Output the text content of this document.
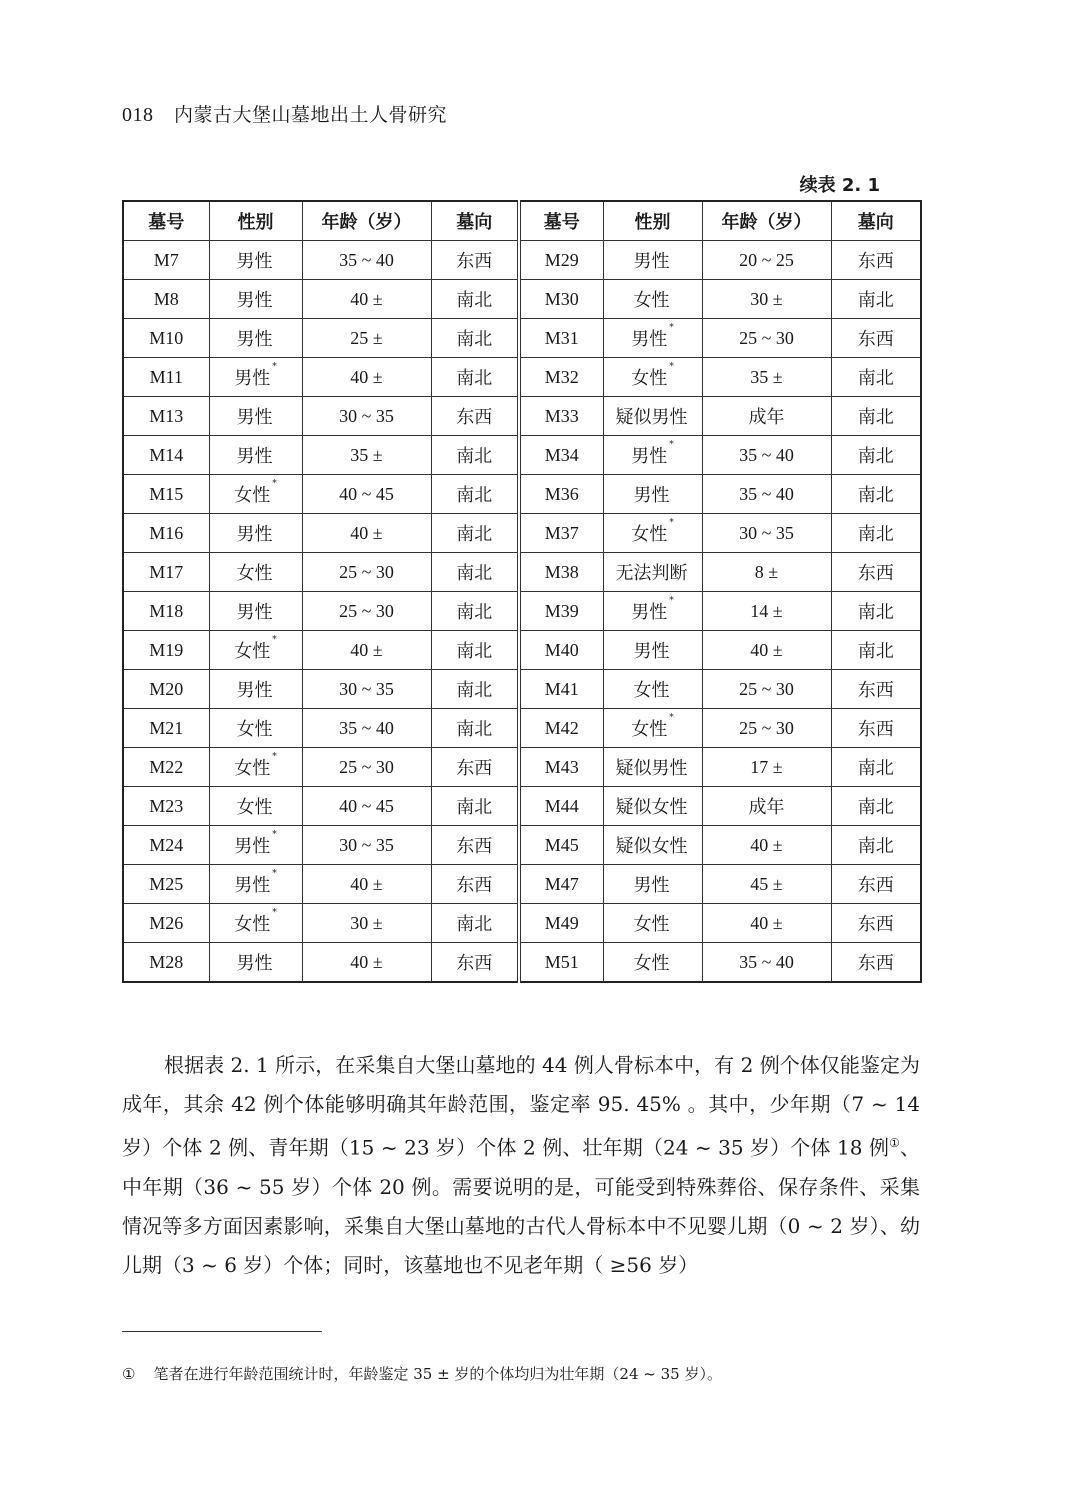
018 内蒙古大堡山墓地出土人骨研究
续表 2. 1
墓号	性别	年龄（岁）	墓向	墓号	性别	年龄（岁）	墓向
M7	男性	35 ~ 40	东西	M29	男性	20 ~ 25	东西
M8	男性	40 ±	南北	M30	女性	30 ±	南北
M10	男性	25 ±	南北	M31	男性*	25 ~ 30	东西
M11	男性*	40 ±	南北	M32	女性*	35 ±	南北
M13	男性	30 ~ 35	东西	M33	疑似男性	成年	南北
M14	男性	35 ±	南北	M34	男性*	35 ~ 40	南北
M15	女性*	40 ~ 45	南北	M36	男性	35 ~ 40	南北
M16	男性	40 ±	南北	M37	女性*	30 ~ 35	南北
M17	女性	25 ~ 30	南北	M38	无法判断	8 ±	东西
M18	男性	25 ~ 30	南北	M39	男性*	14 ±	南北
M19	女性*	40 ±	南北	M40	男性	40 ±	南北
M20	男性	30 ~ 35	南北	M41	女性	25 ~ 30	东西
M21	女性	35 ~ 40	南北	M42	女性*	25 ~ 30	东西
M22	女性*	25 ~ 30	东西	M43	疑似男性	17 ±	南北
M23	女性	40 ~ 45	南北	M44	疑似女性	成年	南北
M24	男性*	30 ~ 35	东西	M45	疑似女性	40 ±	南北
M25	男性*	40 ±	东西	M47	男性	45 ±	东西
M26	女性*	30 ±	南北	M49	女性	40 ±	东西
M28	男性	40 ±	东西	M51	女性	35 ~ 40	东西

根据表 2. 1 所示，在采集自大堡山墓地的 44 例人骨标本中，有 2 例个体仅能鉴定为成年，其余 42 例个体能够明确其年龄范围，鉴定率 95. 45% 。其中，少年期（7 ~ 14 岁）个体 2 例、青年期（15 ~ 23 岁）个体 2 例、壮年期（24 ~ 35 岁）个体 18 例①、中年期（36 ~ 55 岁）个体 20 例。需要说明的是，可能受到特殊葬俗、保存条件、采集情况等多方面因素影响，采集自大堡山墓地的古代人骨标本中不见婴儿期（0 ~ 2 岁）、幼儿期（3 ~ 6 岁）个体；同时，该墓地也不见老年期（ ≥56 岁）

① 笔者在进行年龄范围统计时，年龄鉴定 35 ± 岁的个体均归为壮年期（24 ~ 35 岁）。
